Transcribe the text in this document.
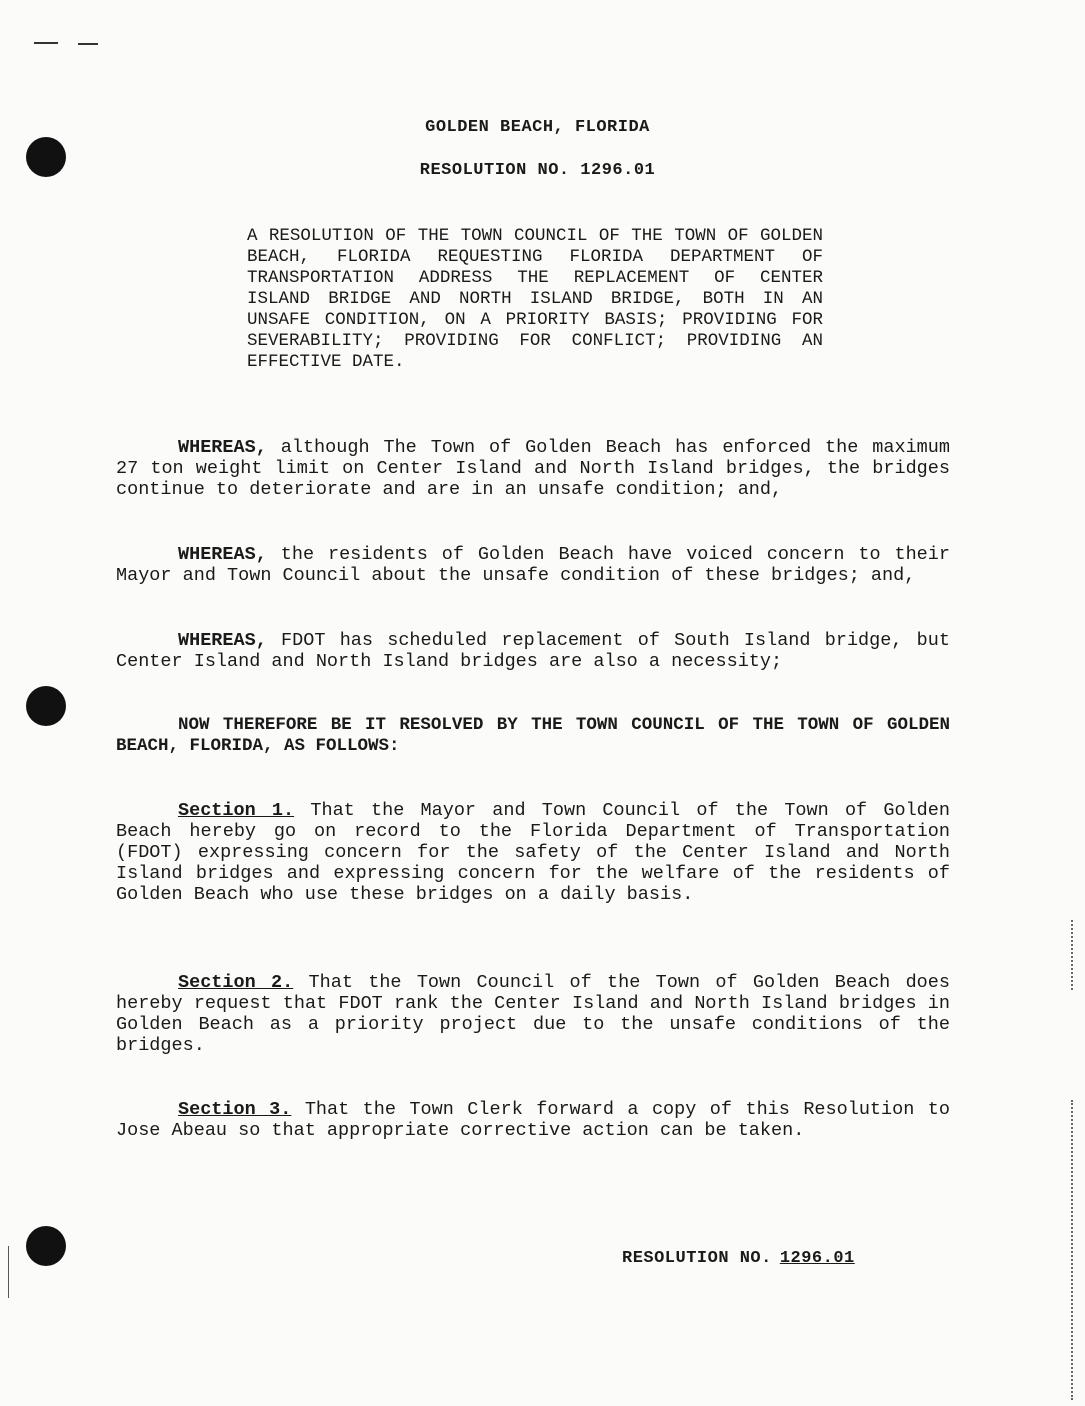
GOLDEN BEACH, FLORIDA
RESOLUTION NO. 1296.01
A RESOLUTION OF THE TOWN COUNCIL OF THE TOWN OF GOLDEN BEACH, FLORIDA REQUESTING FLORIDA DEPARTMENT OF TRANSPORTATION ADDRESS THE REPLACEMENT OF CENTER ISLAND BRIDGE AND NORTH ISLAND BRIDGE, BOTH IN AN UNSAFE CONDITION, ON A PRIORITY BASIS; PROVIDING FOR SEVERABILITY; PROVIDING FOR CONFLICT; PROVIDING AN EFFECTIVE DATE.
WHEREAS, although The Town of Golden Beach has enforced the maximum 27 ton weight limit on Center Island and North Island bridges, the bridges continue to deteriorate and are in an unsafe condition; and,
WHEREAS, the residents of Golden Beach have voiced concern to their Mayor and Town Council about the unsafe condition of these bridges; and,
WHEREAS, FDOT has scheduled replacement of South Island bridge, but Center Island and North Island bridges are also a necessity;
NOW THEREFORE BE IT RESOLVED BY THE TOWN COUNCIL OF THE TOWN OF GOLDEN BEACH, FLORIDA, AS FOLLOWS:
Section 1. That the Mayor and Town Council of the Town of Golden Beach hereby go on record to the Florida Department of Transportation (FDOT) expressing concern for the safety of the Center Island and North Island bridges and expressing concern for the welfare of the residents of Golden Beach who use these bridges on a daily basis.
Section 2. That the Town Council of the Town of Golden Beach does hereby request that FDOT rank the Center Island and North Island bridges in Golden Beach as a priority project due to the unsafe conditions of the bridges.
Section 3. That the Town Clerk forward a copy of this Resolution to Jose Abeau so that appropriate corrective action can be taken.
RESOLUTION NO. 1296.01
